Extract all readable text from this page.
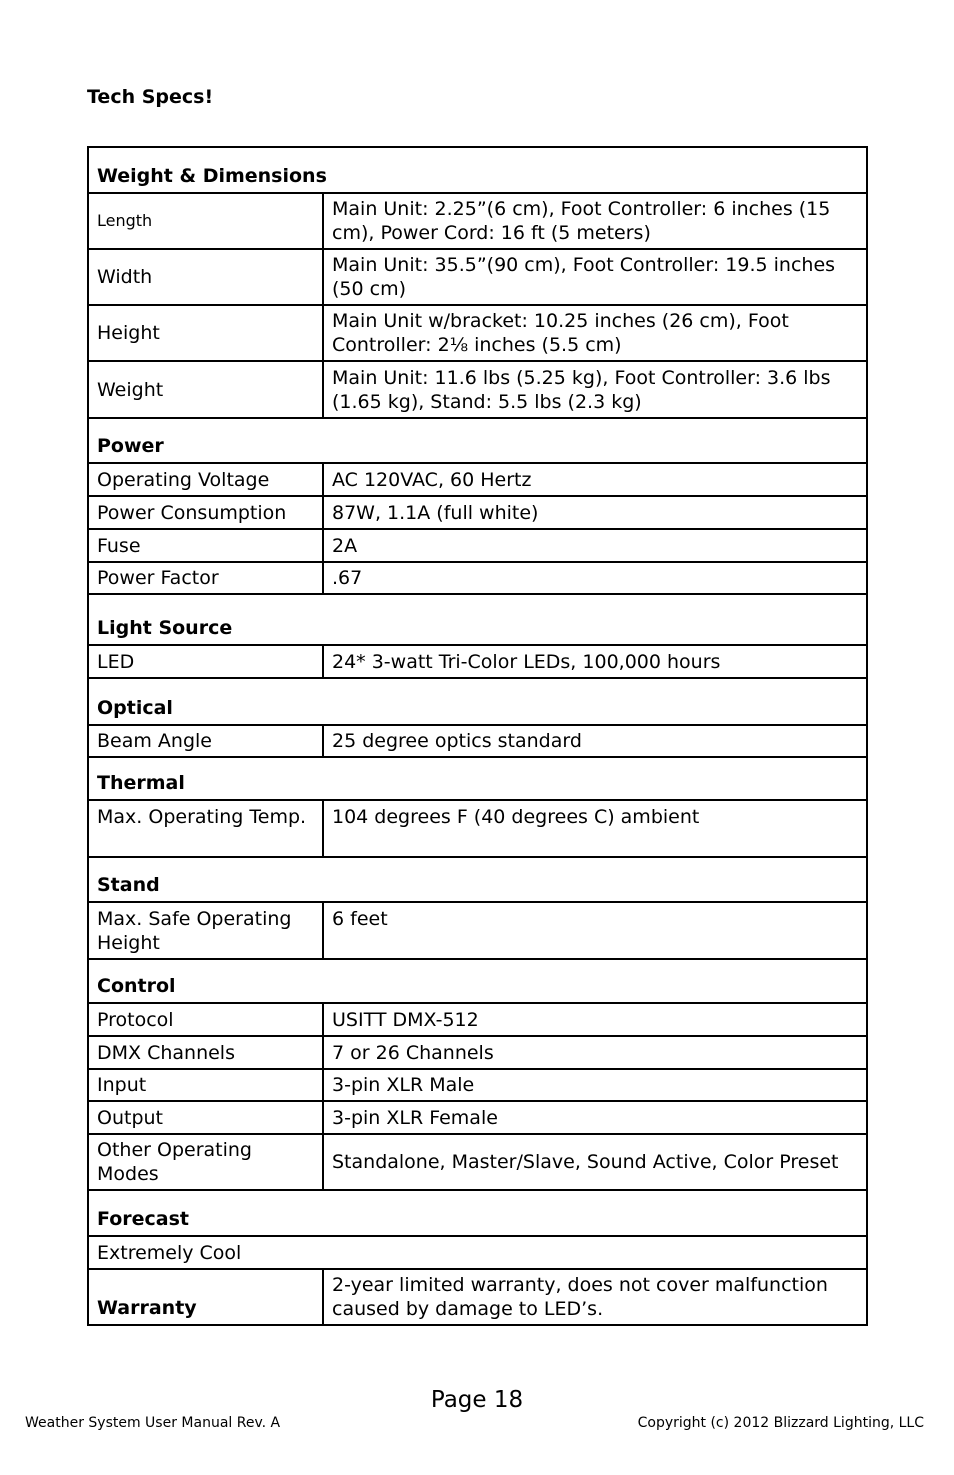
Tech Specs!
Weight & Dimensions	
Length	Main Unit: 2.25”(6 cm), Foot Controller: 6 inches (15 cm), Power Cord: 16 ft (5 meters)
Width	Main Unit: 35.5”(90 cm), Foot Controller: 19.5 inches (50 cm)
Height	Main Unit w/bracket: 10.25 inches (26 cm), Foot Controller: 2⅛ inches (5.5 cm)
Weight	Main Unit: 11.6 lbs (5.25 kg), Foot Controller: 3.6 lbs (1.65 kg), Stand: 5.5 lbs (2.3 kg)
Power	
Operating Voltage	AC 120VAC, 60 Hertz
Power Consumption	87W, 1.1A (full white)
Fuse	2A
Power Factor	.67
Light Source	
LED	24* 3-watt Tri-Color LEDs, 100,000 hours
Optical	
Beam Angle	25 degree optics standard
Thermal	
Max. Operating Temp.	104 degrees F (40 degrees C) ambient
Stand	
Max. Safe Operating Height	6 feet
Control	
Protocol	USITT DMX-512
DMX Channels	7 or 26 Channels
Input	3-pin XLR Male
Output	3-pin XLR Female
Other Operating Modes	Standalone, Master/Slave, Sound Active, Color Preset
Forecast	
Extremely Cool	
Warranty	2-year limited warranty, does not cover malfunction caused by damage to LED’s.
Page 18
Weather System User Manual Rev. A	Copyright (c) 2012 Blizzard Lighting, LLC
